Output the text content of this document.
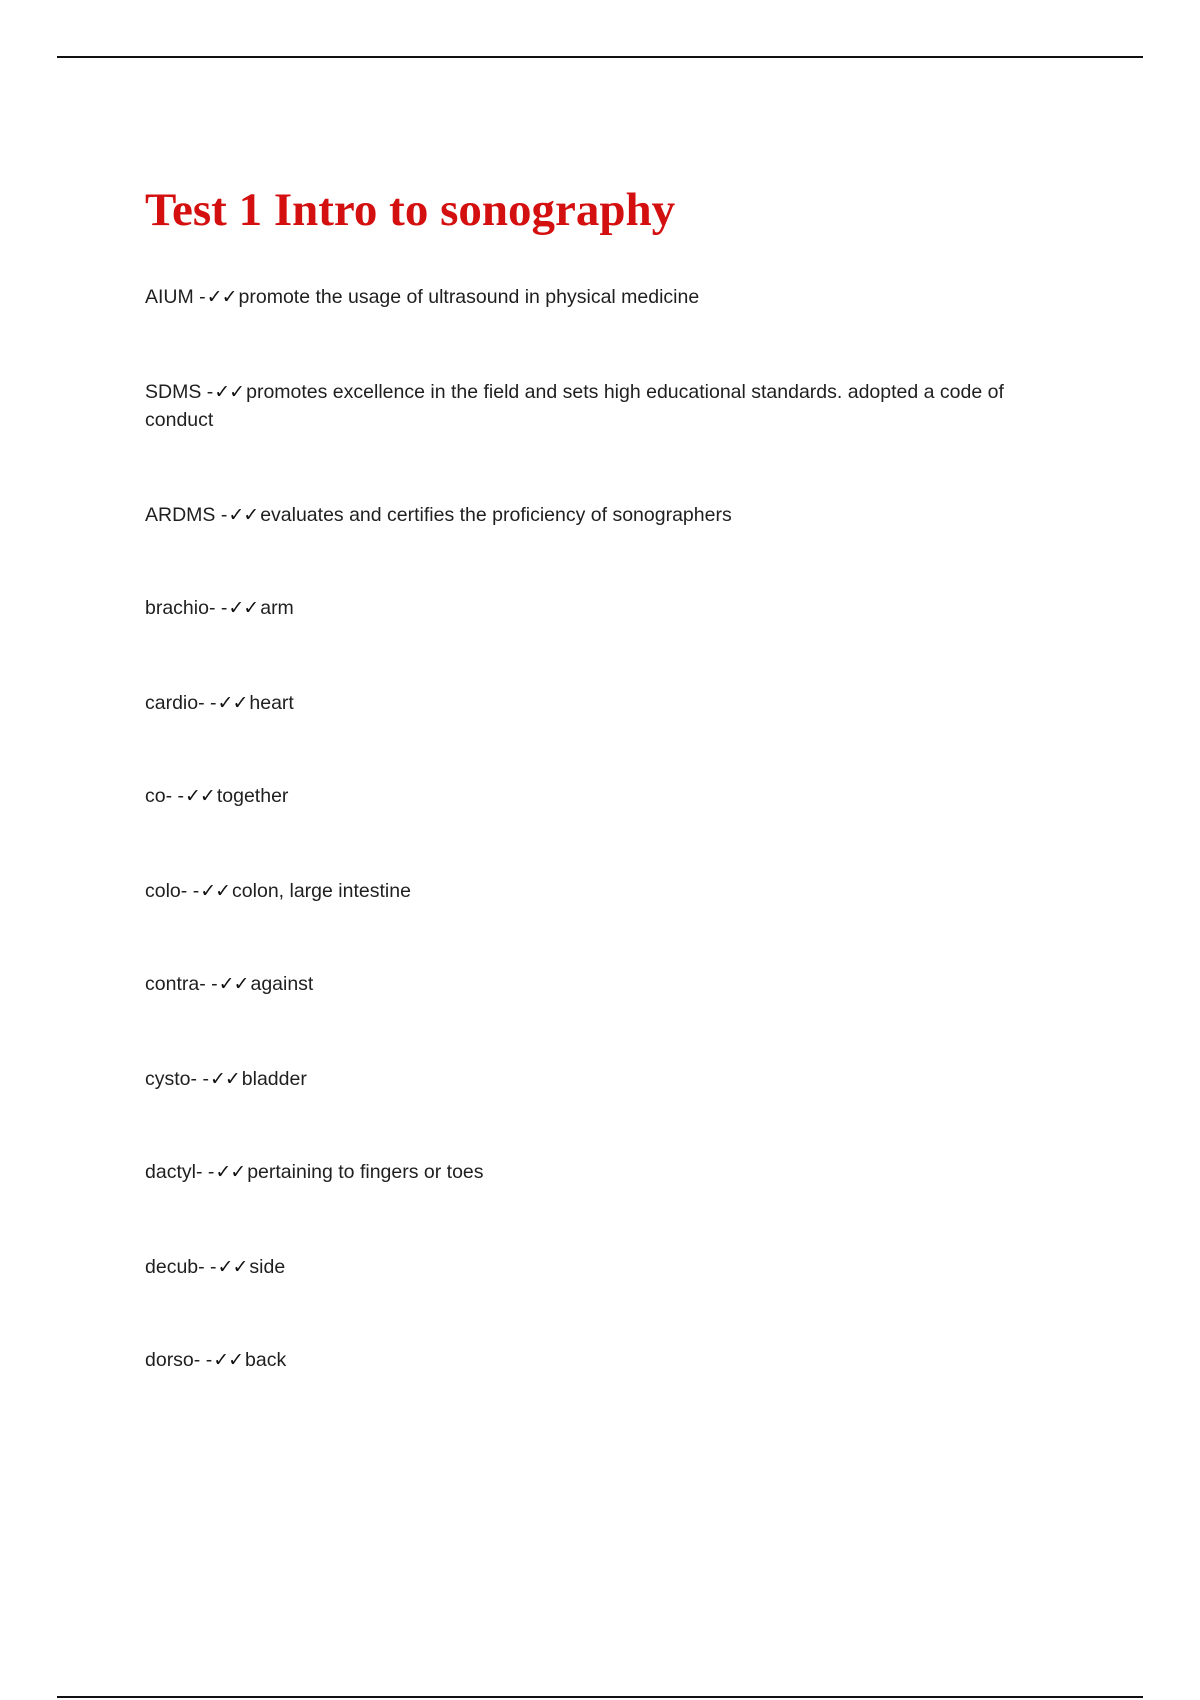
Test 1 Intro to sonography
AIUM -✓✓ promote the usage of ultrasound in physical medicine
SDMS -✓✓ promotes excellence in the field and sets high educational standards. adopted a code of conduct
ARDMS -✓✓ evaluates and certifies the proficiency of sonographers
brachio- -✓✓ arm
cardio- -✓✓ heart
co- -✓✓ together
colo- -✓✓ colon, large intestine
contra- -✓✓ against
cysto- -✓✓ bladder
dactyl- -✓✓ pertaining to fingers or toes
decub- -✓✓ side
dorso- -✓✓ back
